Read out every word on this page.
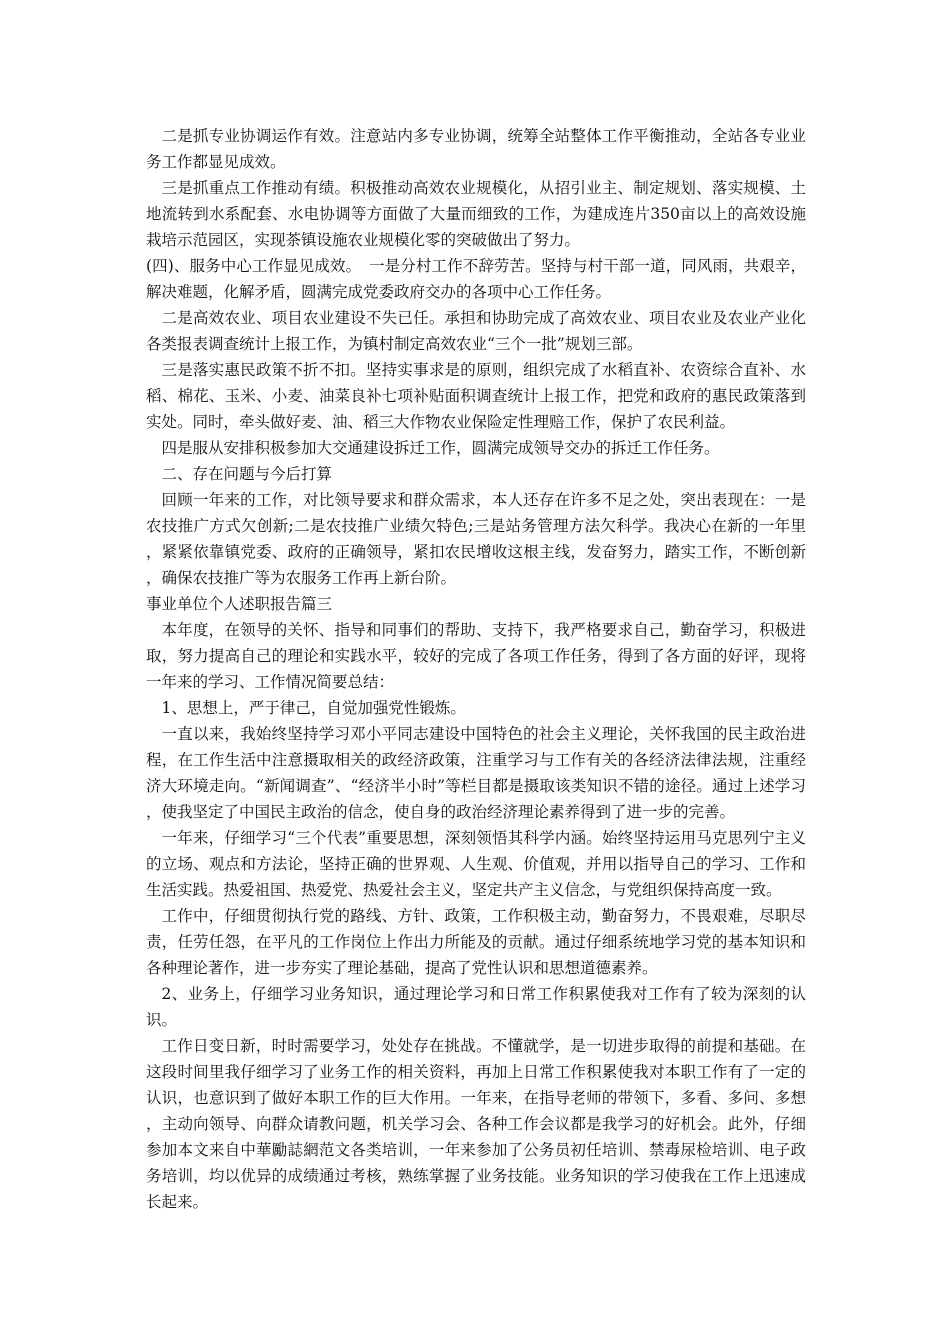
二是抓专业协调运作有效。注意站内多专业协调，统筹全站整体工作平衡推动，全站各专业业务工作都显见成效。

三是抓重点工作推动有绩。积极推动高效农业规模化，从招引业主、制定规划、落实规模、土地流转到水系配套、水电协调等方面做了大量而细致的工作，为建成连片350亩以上的高效设施栽培示范园区，实现茶镇设施农业规模化零的突破做出了努力。

(四)、服务中心工作显见成效。　一是分村工作不辞劳苦。坚持与村干部一道，同风雨，共艰辛，解决难题，化解矛盾，圆满完成党委政府交办的各项中心工作任务。

二是高效农业、项目农业建设不失已任。承担和协助完成了高效农业、项目农业及农业产业化各类报表调查统计上报工作，为镇村制定高效农业“三个一批”规划三部。

三是落实惠民政策不折不扣。坚持实事求是的原则，组织完成了水稻直补、农资综合直补、水稻、棉花、玉米、小麦、油菜良补七项补贴面积调查统计上报工作，把党和政府的惠民政策落到实处。同时，牵头做好麦、油、稻三大作物农业保险定性理赔工作，保护了农民利益。

四是服从安排积极参加大交通建设拆迁工作，圆满完成领导交办的拆迁工作任务。

二、存在问题与今后打算

回顾一年来的工作，对比领导要求和群众需求，本人还存在许多不足之处，突出表现在：一是农技推广方式欠创新;二是农技推广业绩欠特色;三是站务管理方法欠科学。我决心在新的一年里，紧紧依靠镇党委、政府的正确领导，紧扣农民增收这根主线，发奋努力，踏实工作，不断创新，确保农技推广等为农服务工作再上新台阶。

事业单位个人述职报告篇三

本年度，在领导的关怀、指导和同事们的帮助、支持下，我严格要求自己，勤奋学习，积极进取，努力提高自己的理论和实践水平，较好的完成了各项工作任务，得到了各方面的好评，现将一年来的学习、工作情况简要总结：

1、思想上，严于律己，自觉加强党性锻炼。

一直以来，我始终坚持学习邓小平同志建设中国特色的社会主义理论，关怀我国的民主政治进程，在工作生活中注意摄取相关的政经济政策，注重学习与工作有关的各经济法律法规，注重经济大环境走向。“新闻调查”、“经济半小时”等栏目都是摄取该类知识不错的途径。通过上述学习，使我坚定了中国民主政治的信念，使自身的政治经济理论素养得到了进一步的完善。

一年来，仔细学习“三个代表”重要思想，深刻领悟其科学内涵。始终坚持运用马克思列宁主义的立场、观点和方法论，坚持正确的世界观、人生观、价值观，并用以指导自己的学习、工作和生活实践。热爱祖国、热爱党、热爱社会主义，坚定共产主义信念，与党组织保持高度一致。

工作中，仔细贯彻执行党的路线、方针、政策，工作积极主动，勤奋努力，不畏艰难，尽职尽责，任劳任怨，在平凡的工作岗位上作出力所能及的贡献。通过仔细系统地学习党的基本知识和各种理论著作，进一步夯实了理论基础，提高了党性认识和思想道德素养。

2、业务上，仔细学习业务知识，通过理论学习和日常工作积累使我对工作有了较为深刻的认识。

工作日变日新，时时需要学习，处处存在挑战。不懂就学，是一切进步取得的前提和基础。在这段时间里我仔细学习了业务工作的相关资料，再加上日常工作积累使我对本职工作有了一定的认识，也意识到了做好本职工作的巨大作用。一年来，在指导老师的带领下，多看、多问、多想，主动向领导、向群众请教问题，机关学习会、各种工作会议都是我学习的好机会。此外，仔细参加本文来自中華勵誌網范文各类培训，一年来参加了公务员初任培训、禁毒尿检培训、电子政务培训，均以优异的成绩通过考核，熟练掌握了业务技能。业务知识的学习使我在工作上迅速成长起来。
